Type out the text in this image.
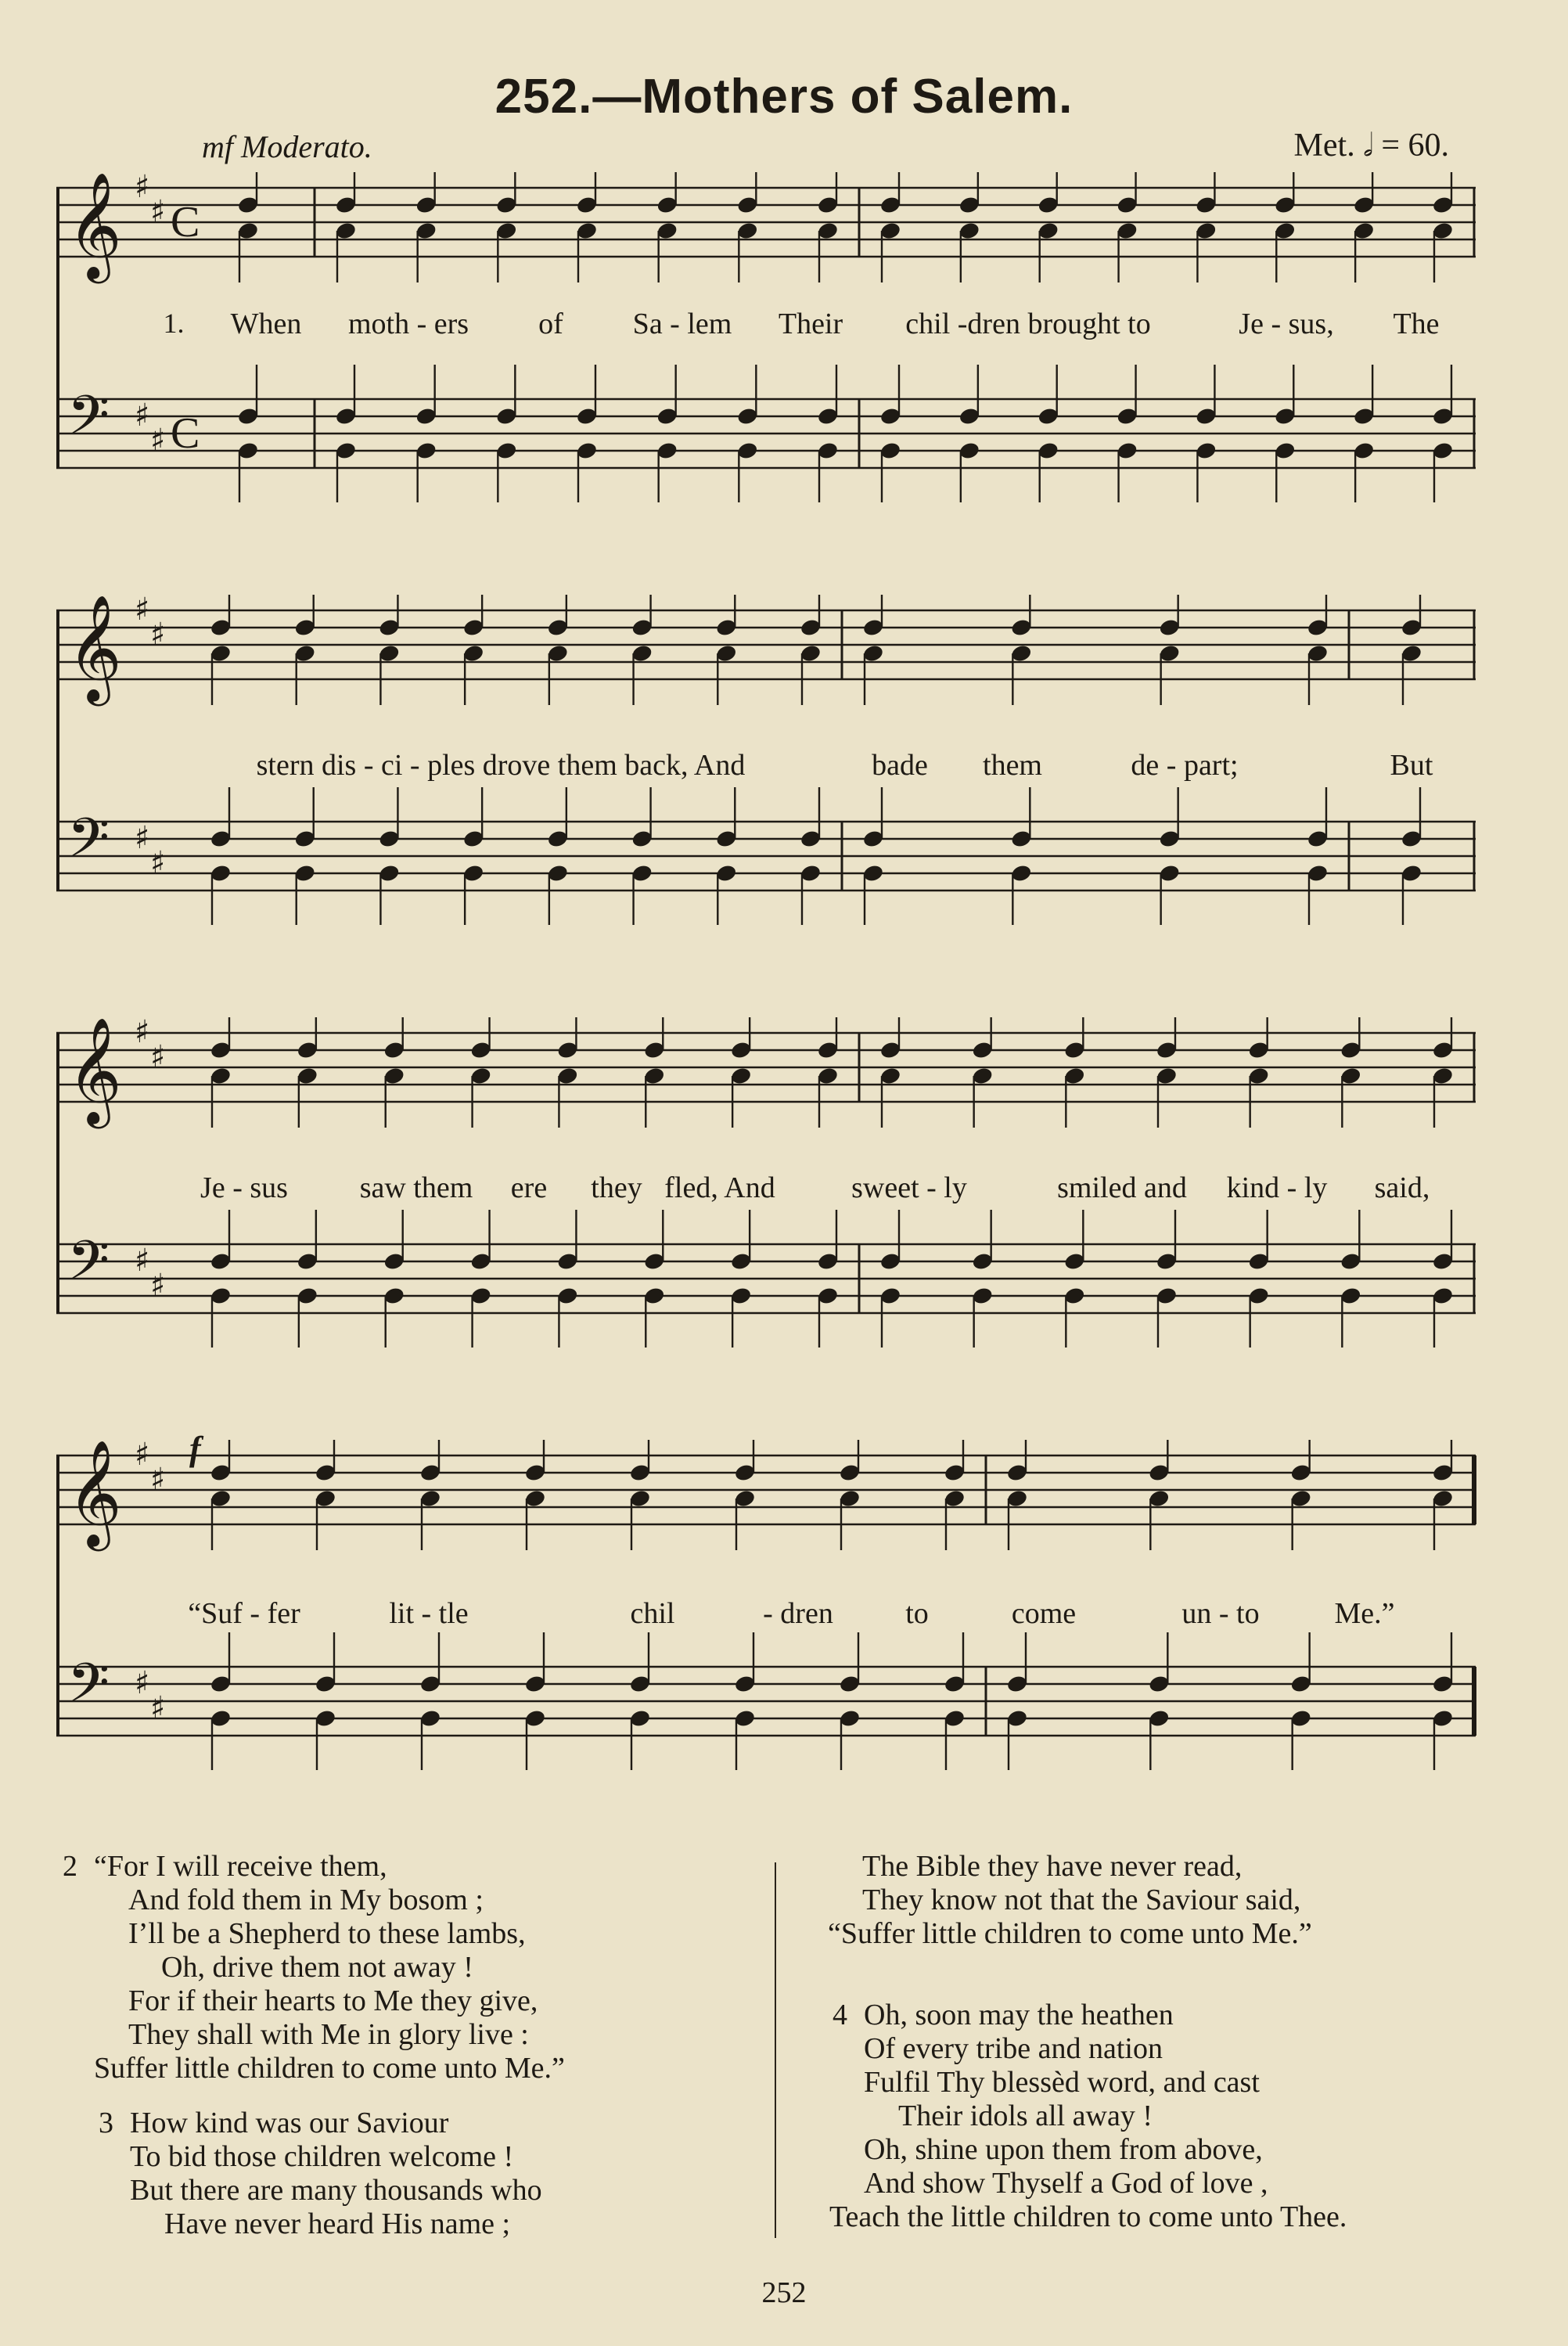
252.—Mothers of Salem.
mf Moderato.	Met. 𝅗𝅥 = 60.
𝄞 ♯
♯ C
𝄢 ♯
♯ C
1. When moth - ers of Sa - lem Their chil -dren brought to	Je - sus, The
𝄞 ♯
♯
𝄢 ♯
♯
stern dis - ci - ples drove them back, And	bade them	de - part;	But
𝄞 ♯
♯
𝄢 ♯
♯
Je - sus saw them ere they fled, And	sweet - ly	smiled and kind - ly said,
𝄞 ♯
♯
𝄢 ♯
♯
f
“Suf - fer	lit - tle	chil	- dren to	come	un - to	Me.”
2 “For I will receive them,
And fold them in My bosom ;
I’ll be a Shepherd to these lambs,
Oh, drive them not away !
For if their hearts to Me they give,
They shall with Me in glory live :
Suffer little children to come unto Me.”
3 How kind was our Saviour
To bid those children welcome !
But there are many thousands who
Have never heard His name ;
The Bible they have never read,
They know not that the Saviour said,
“Suffer little children to come unto Me.”
4 Oh, soon may the heathen
Of every tribe and nation
Fulfil Thy blessèd word, and cast
Their idols all away !
Oh, shine upon them from above,
And show Thyself a God of love ,
Teach the little children to come unto Thee.
252
